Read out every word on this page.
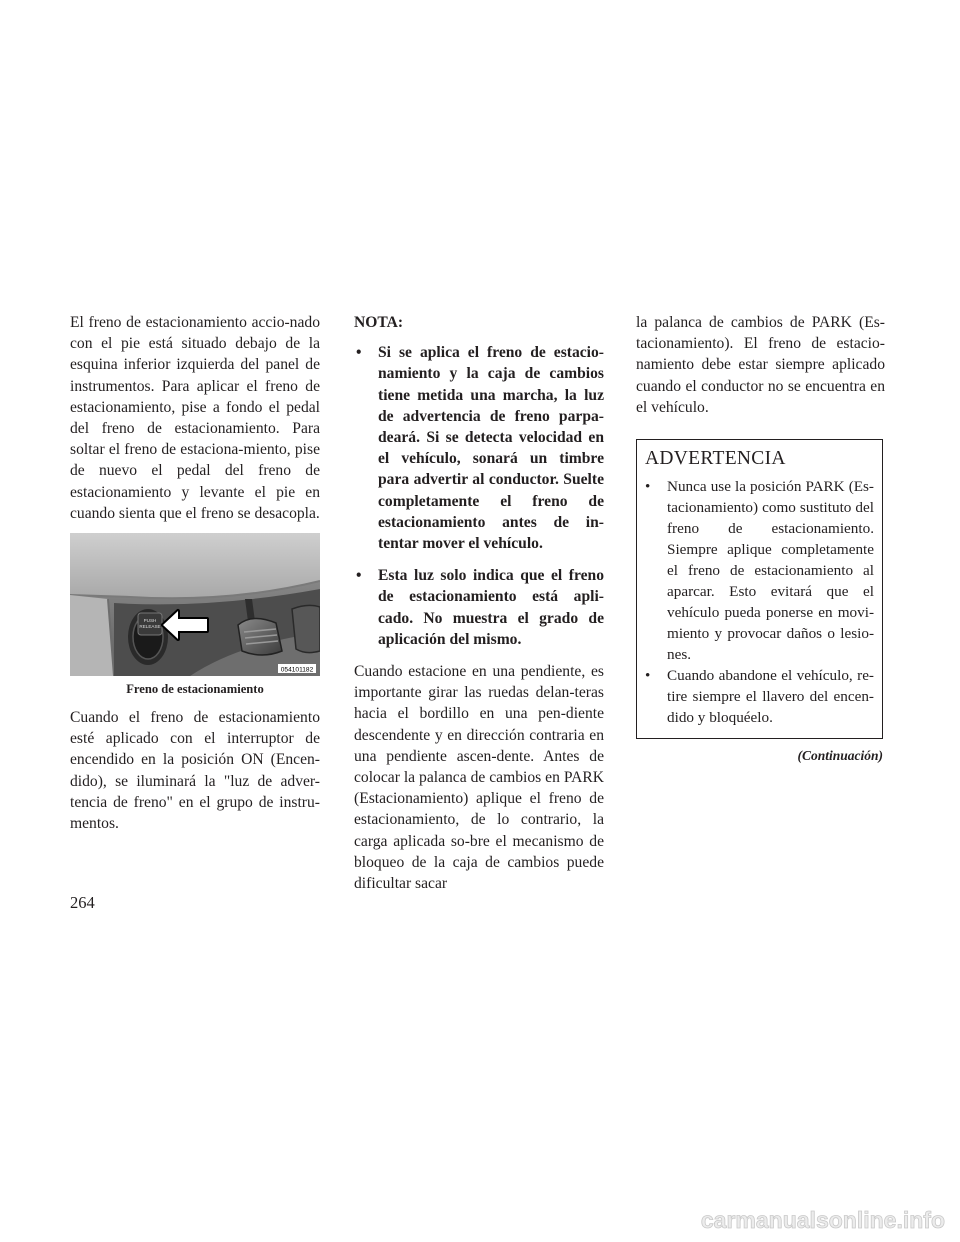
El freno de estacionamiento accio-nado con el pie está situado debajo de la esquina inferior izquierda del panel de instrumentos. Para aplicar el freno de estacionamiento, pise a fondo el pedal del freno de estacionamiento. Para soltar el freno de estaciona-miento, pise de nuevo el pedal del freno de estacionamiento y levante el pie en cuando sienta que el freno se desacopla.

PUSH
RELEASE
054101182
Freno de estacionamiento

Cuando el freno de estacionamiento esté aplicado con el interruptor de encendido en la posición ON (Encen-dido), se iluminará la "luz de adver-tencia de freno" en el grupo de instru-mentos.

NOTA:
• Si se aplica el freno de estacio-namiento y la caja de cambios tiene metida una marcha, la luz de advertencia de freno parpa-deará. Si se detecta velocidad en el vehículo, sonará un timbre para advertir al conductor. Suelte completamente el freno de estacionamiento antes de in-tentar mover el vehículo.
• Esta luz solo indica que el freno de estacionamiento está apli-cado. No muestra el grado de aplicación del mismo.

Cuando estacione en una pendiente, es importante girar las ruedas delan-teras hacia el bordillo en una pen-diente descendente y en dirección contraria en una pendiente ascen-dente. Antes de colocar la palanca de cambios en PARK (Estacionamiento) aplique el freno de estacionamiento, de lo contrario, la carga aplicada so-bre el mecanismo de bloqueo de la caja de cambios puede dificultar sacar

la palanca de cambios de PARK (Es-tacionamiento). El freno de estacio-namiento debe estar siempre aplicado cuando el conductor no se encuentra en el vehículo.

ADVERTENCIA
• Nunca use la posición PARK (Es-tacionamiento) como sustituto del freno de estacionamiento. Siempre aplique completamente el freno de estacionamiento al aparcar. Esto evitará que el vehículo pueda ponerse en movi-miento y provocar daños o lesio-nes.
• Cuando abandone el vehículo, re-tire siempre el llavero del encen-dido y bloquéelo.
(Continuación)
264
carmanualsonline.info
